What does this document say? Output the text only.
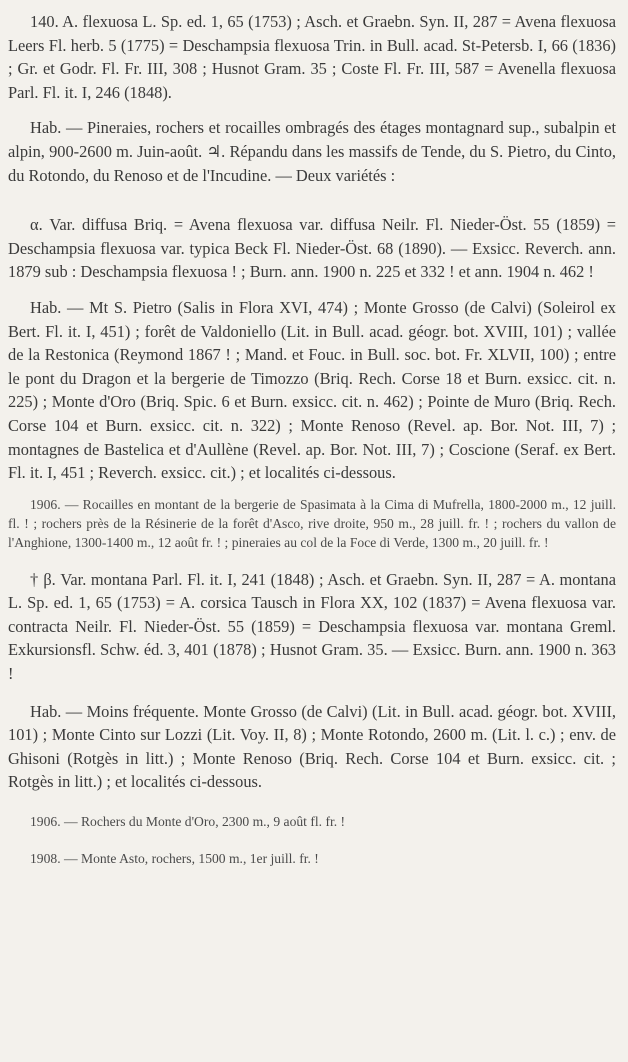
140. A. flexuosa L. Sp. ed. 1, 65 (1753) ; Asch. et Graebn. Syn. II, 287 = Avena flexuosa Leers Fl. herb. 5 (1775) = Deschampsia flexuosa Trin. in Bull. acad. St-Petersb. I, 66 (1836) ; Gr. et Godr. Fl. Fr. III, 308 ; Husnot Gram. 35 ; Coste Fl. Fr. III, 587 = Avenella flexuosa Parl. Fl. it. I, 246 (1848).

Hab. — Pineraies, rochers et rocailles ombragés des étages montagnard sup., subalpin et alpin, 900-2600 m. Juin-août. ♃. Répandu dans les massifs de Tende, du S. Pietro, du Cinto, du Rotondo, du Renoso et de l'Incudine. — Deux variétés :

α. Var. diffusa Briq. = Avena flexuosa var. diffusa Neilr. Fl. Nieder-Öst. 55 (1859) = Deschampsia flexuosa var. typica Beck Fl. Nieder-Öst. 68 (1890). — Exsicc. Reverch. ann. 1879 sub : Deschampsia flexuosa ! ; Burn. ann. 1900 n. 225 et 332 ! et ann. 1904 n. 462 !

Hab. — Mt S. Pietro (Salis in Flora XVI, 474) ; Monte Grosso (de Calvi) (Soleirol ex Bert. Fl. it. I, 451) ; forêt de Valdoniello (Lit. in Bull. acad. géogr. bot. XVIII, 101) ; vallée de la Restonica (Reymond 1867 ! ; Mand. et Fouc. in Bull. soc. bot. Fr. XLVII, 100) ; entre le pont du Dragon et la bergerie de Timozzo (Briq. Rech. Corse 18 et Burn. exsicc. cit. n. 225) ; Monte d'Oro (Briq. Spic. 6 et Burn. exsicc. cit. n. 462) ; Pointe de Muro (Briq. Rech. Corse 104 et Burn. exsicc. cit. n. 322) ; Monte Renoso (Revel. ap. Bor. Not. III, 7) ; montagnes de Bastelica et d'Aullène (Revel. ap. Bor. Not. III, 7) ; Coscione (Seraf. ex Bert. Fl. it. I, 451 ; Reverch. exsicc. cit.) ; et localités ci-dessous.

1906. — Rocailles en montant de la bergerie de Spasimata à la Cima di Mufrella, 1800-2000 m., 12 juill. fl. ! ; rochers près de la Résinerie de la forêt d'Asco, rive droite, 950 m., 28 juill. fr. ! ; rochers du vallon de l'Anghione, 1300-1400 m., 12 août fr. ! ; pineraies au col de la Foce di Verde, 1300 m., 20 juill. fr. !

† β. Var. montana Parl. Fl. it. I, 241 (1848) ; Asch. et Graebn. Syn. II, 287 = A. montana L. Sp. ed. 1, 65 (1753) = A. corsica Tausch in Flora XX, 102 (1837) = Avena flexuosa var. contracta Neilr. Fl. Nieder-Öst. 55 (1859) = Deschampsia flexuosa var. montana Greml. Exkursionsfl. Schw. éd. 3, 401 (1878) ; Husnot Gram. 35. — Exsicc. Burn. ann. 1900 n. 363 !

Hab. — Moins fréquente. Monte Grosso (de Calvi) (Lit. in Bull. acad. géogr. bot. XVIII, 101) ; Monte Cinto sur Lozzi (Lit. Voy. II, 8) ; Monte Rotondo, 2600 m. (Lit. l. c.) ; env. de Ghisoni (Rotgès in litt.) ; Monte Renoso (Briq. Rech. Corse 104 et Burn. exsicc. cit. ; Rotgès in litt.) ; et localités ci-dessous.

1906. — Rochers du Monte d'Oro, 2300 m., 9 août fl. fr. !

1908. — Monte Asto, rochers, 1500 m., 1er juill. fr. !
